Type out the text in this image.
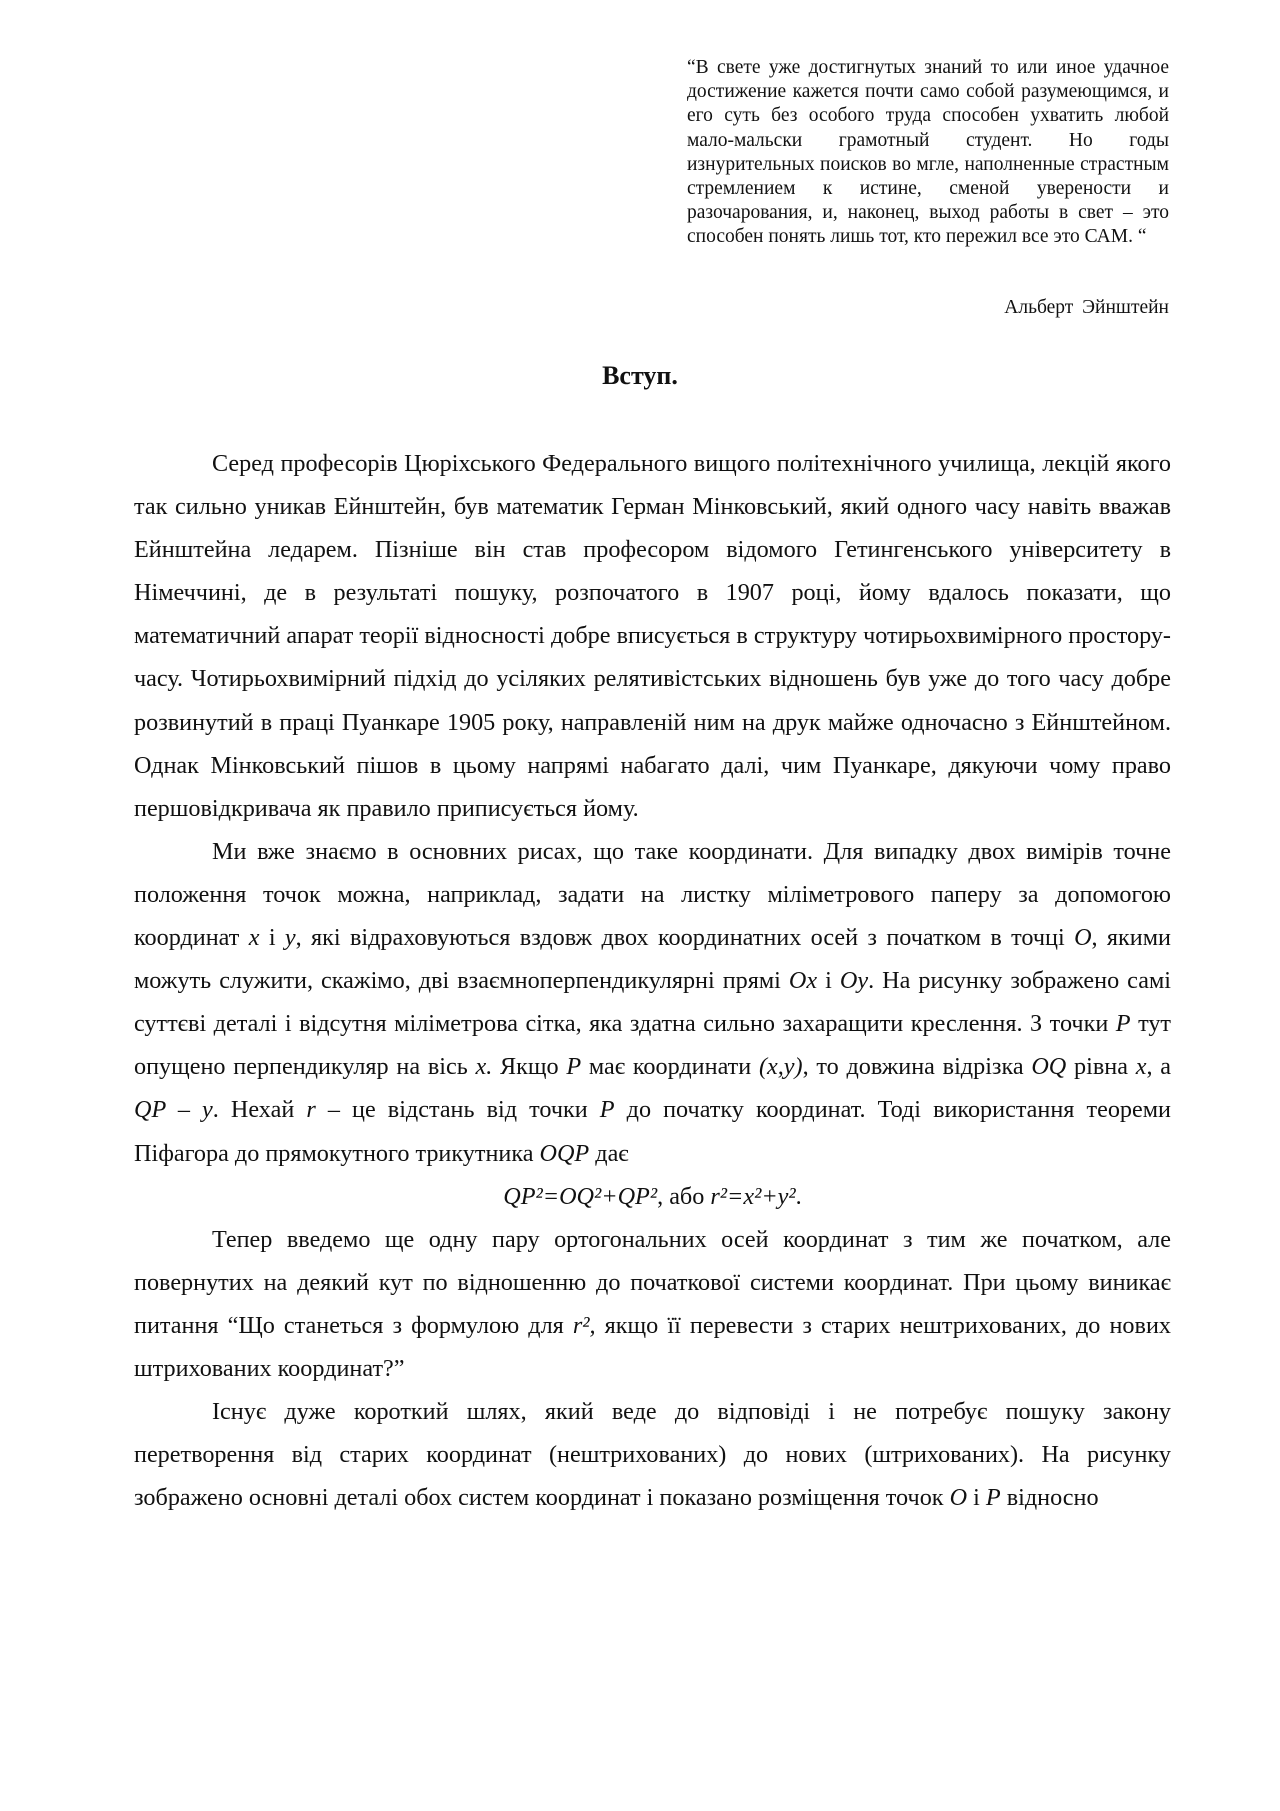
“В свете уже достигнутых знаний то или иное удачное достижение кажется почти само собой разумеющимся, и его суть без особого труда способен ухватить любой мало-мальски грамотный студент. Но годы изнурительных поисков во мгле, наполненные страстным стремлением к истине, сменой уверености и разочарования, и, наконец, выход работы в свет – это способен понять лишь тот, кто пережил все это САМ. “
Альберт Эйнштейн
Вступ.

Серед професорів Цюріхського Федерального вищого політехнічного училища, лекцій якого так сильно уникав Ейнштейн, був математик Герман Мінковський, який одного часу навіть вважав Ейнштейна ледарем. Пізніше він став професором відомого Гетингенського університету в Німеччині, де в результаті пошуку, розпочатого в 1907 році, йому вдалось показати, що математичний апарат теорії відносності добре вписується в структуру чотирьохвимірного простору-часу. Чотирьохвимірний підхід до усіляких релятивістських відношень був уже до того часу добре розвинутий в праці Пуанкаре 1905 року, направленій ним на друк майже одночасно з Ейнштейном. Однак Мінковський пішов в цьому напрямі набагато далі, чим Пуанкаре, дякуючи чому право першовідкривача як правило приписується йому.

Ми вже знаємо в основних рисах, що таке координати. Для випадку двох вимірів точне положення точок можна, наприклад, задати на листку міліметрового паперу за допомогою координат x і y, які відраховуються вздовж двох координатних осей з початком в точці O, якими можуть служити, скажімо, дві взаємноперпендикулярні прямі Ox і Oy. На рисунку зображено самі суттєві деталі і відсутня міліметрова сітка, яка здатна сильно захаращити креслення. З точки P тут опущено перпендикуляр на вісь x. Якщо P має координати (x,y), то довжина відрізка OQ рівна x, а QP – y. Нехай r – це відстань від точки P до початку координат. Тоді використання теореми Піфагора до прямокутного трикутника OQP дає

QP²=OQ²+QP², або r²=x²+y².

Тепер введемо ще одну пару ортогональних осей координат з тим же початком, але повернутих на деякий кут по відношенню до початкової системи координат. При цьому виникає питання “Що станеться з формулою для r², якщо її перевести з старих нештрихованих, до нових штрихованих координат?”

Існує дуже короткий шлях, який веде до відповіді і не потребує пошуку закону перетворення від старих координат (нештрихованих) до нових (штрихованих). На рисунку зображено основні деталі обох систем координат і показано розміщення точок O і P відносно
